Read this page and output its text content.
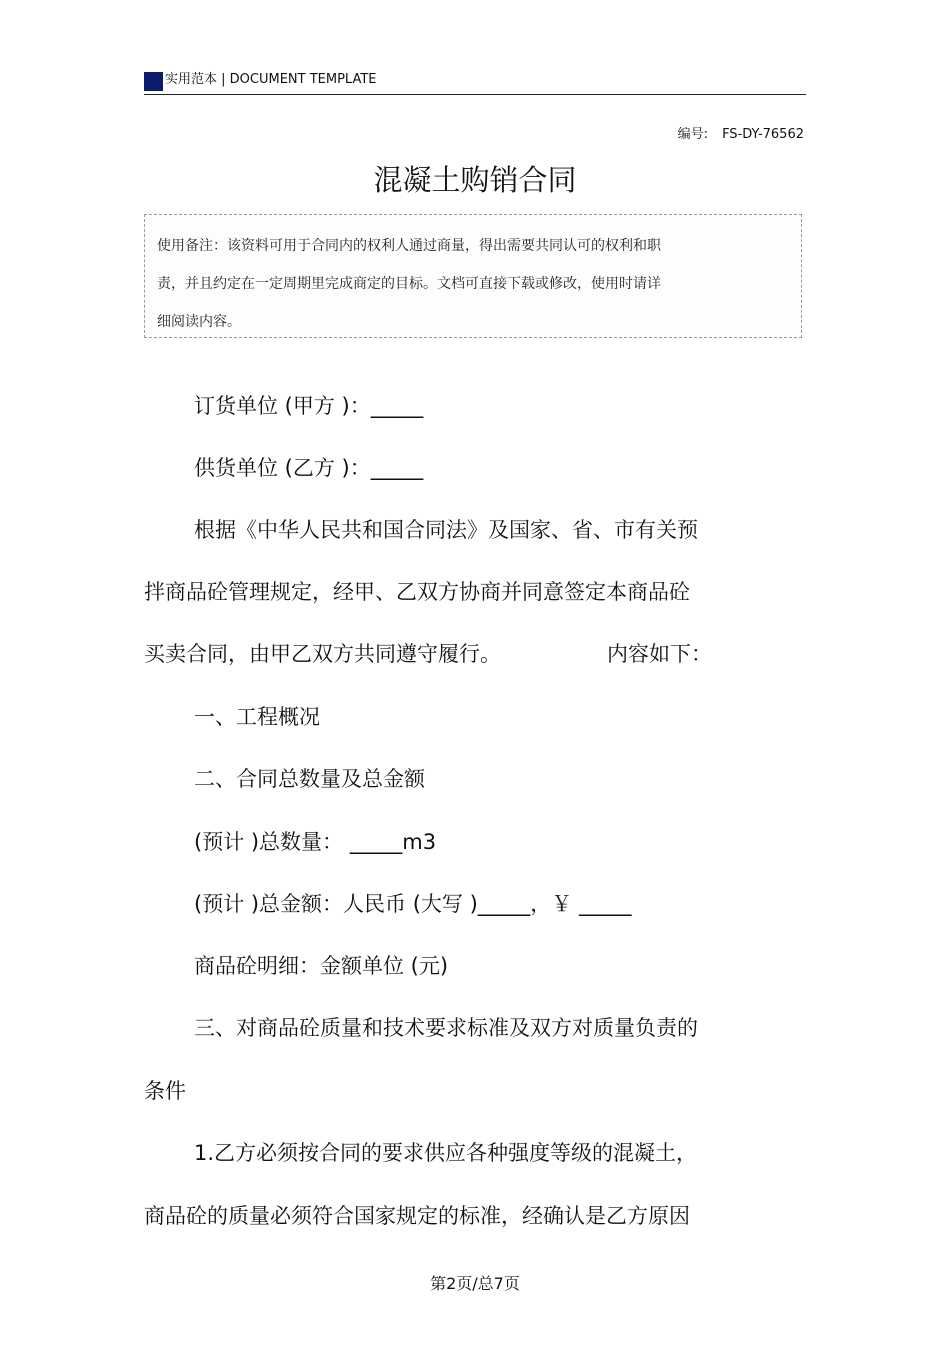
实用范本 | DOCUMENT TEMPLATE
编号: FS-DY-76562
混凝土购销合同
使用备注：该资料可用于合同内的权利人通过商量，得出需要共同认可的权利和职
责，并且约定在一定周期里完成商定的目标。文档可直接下载或修改，使用时请详
细阅读内容。
订货单位 (甲方 )：_____
供货单位 (乙方 )：_____
根据《中华人民共和国合同法》及国家、省、市有关预
拌商品砼管理规定，经甲、乙双方协商并同意签定本商品砼
买卖合同，由甲乙双方共同遵守履行。	内容如下：
一、工程概况
二、合同总数量及总金额
(预计 )总数量： _____m3
(预计 )总金额：人民币 (大写 )_____，￥ _____
商品砼明细：金额单位 (元)
三、对商品砼质量和技术要求标准及双方对质量负责的
条件
1.乙方必须按合同的要求供应各种强度等级的混凝土，
商品砼的质量必须符合国家规定的标准，经确认是乙方原因
第2页/总7页
